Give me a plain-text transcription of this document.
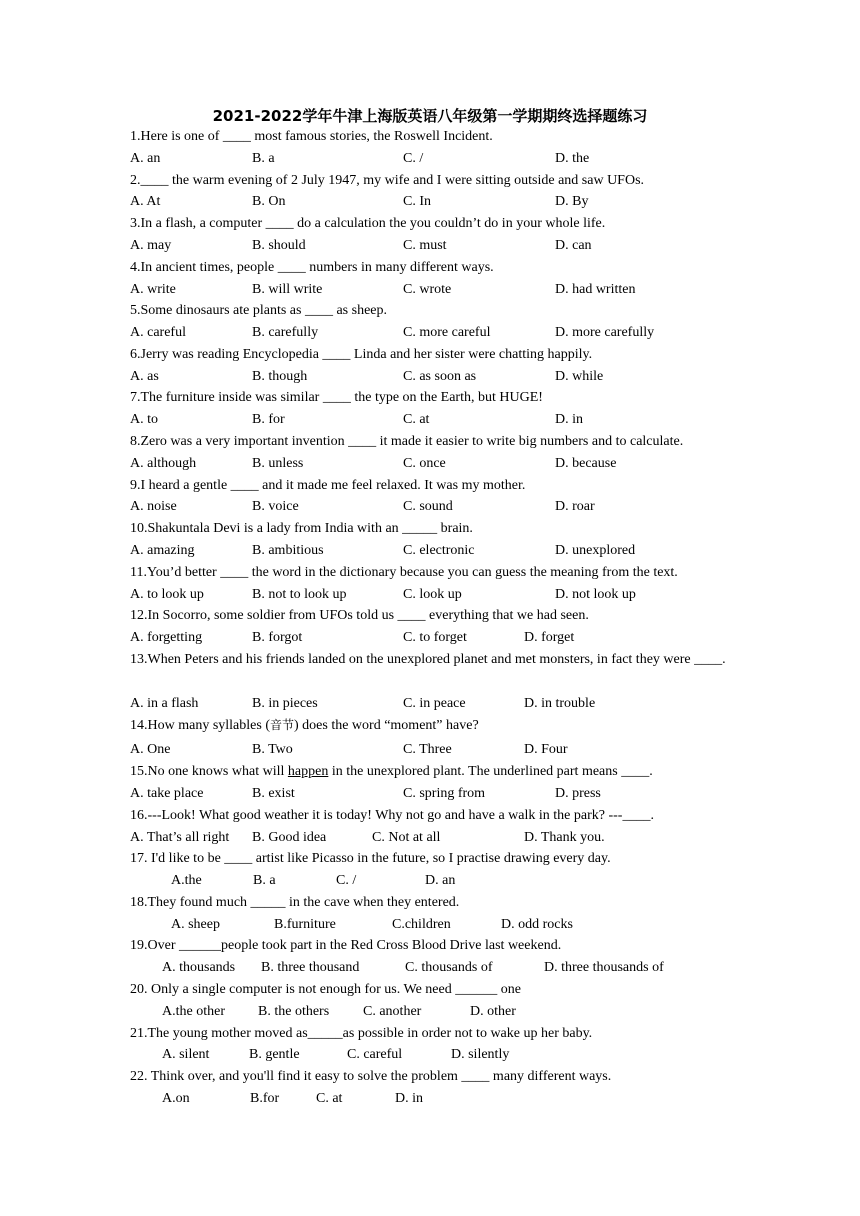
2021-2022学年牛津上海版英语八年级第一学期期终选择题练习
1.Here is one of ____ most famous stories, the Roswell Incident.
A. an	B. a	C. /	D. the
2.____ the warm evening of 2 July 1947, my wife and I were sitting outside and saw UFOs.
A. At	B. On	C. In	D. By
3.In a flash, a computer ____ do a calculation the you couldn’t do in your whole life.
A. may	B. should	C. must	D. can
4.In ancient times, people ____ numbers in many different ways.
A. write	B. will write	C. wrote	D. had written
5.Some dinosaurs ate plants as ____ as sheep.
A. careful	B. carefully	C. more careful	D. more carefully
6.Jerry was reading Encyclopedia ____ Linda and her sister were chatting happily.
A. as	B. though	C. as soon as	D. while
7.The furniture inside was similar ____ the type on the Earth, but HUGE!
A. to	B. for	C. at	D. in
8.Zero was a very important invention ____ it made it easier to write big numbers and to calculate.
A. although	B. unless	C. once	D. because
9.I heard a gentle ____ and it made me feel relaxed. It was my mother.
A. noise	B. voice	C. sound	D. roar
10.Shakuntala Devi is a lady from India with an _____ brain.
A. amazing	B. ambitious	C. electronic	D. unexplored
11.You’d better ____ the word in the dictionary because you can guess the meaning from the text.
A. to look up	B. not to look up	C. look up	D. not look up
12.In Socorro, some soldier from UFOs told us ____ everything that we had seen.
A. forgetting	B. forgot	C. to forget	D. forget
13.When Peters and his friends landed on the unexplored planet and met monsters, in fact they were ____.
A. in a flash	B. in pieces	C. in peace	D. in trouble
14.How many syllables (音节) does the word “moment” have?
A. One	B. Two	C. Three	D. Four
15.No one knows what will happen in the unexplored plant. The underlined part means ____.
A. take place	B. exist	C. spring from	D. press
16.---Look! What good weather it is today! Why not go and have a walk in the park? ---____.
A. That’s all right B. Good idea	C. Not at all	D. Thank you.
17. I'd like to be ____ artist like Picasso in the future, so I practise drawing every day.
A.the	B. a	C. /	D. an
18.They found much _____ in the cave when they entered.
A. sheep	B.furniture	C.children	D. odd rocks
19.Over ______people took part in the Red Cross Blood Drive last weekend.
A. thousands B. three thousand	C. thousands of	D. three thousands of
20. Only a single computer is not enough for us. We need ______ one
A.the other B. the others C. another	D. other
21.The young mother moved as_____as possible in order not to wake up her baby.
A. silent	B. gentle	C. careful	D. silently
22. Think over, and you'll find it easy to solve the problem ____ many different ways.
A.on	B.for	C. at	D. in
